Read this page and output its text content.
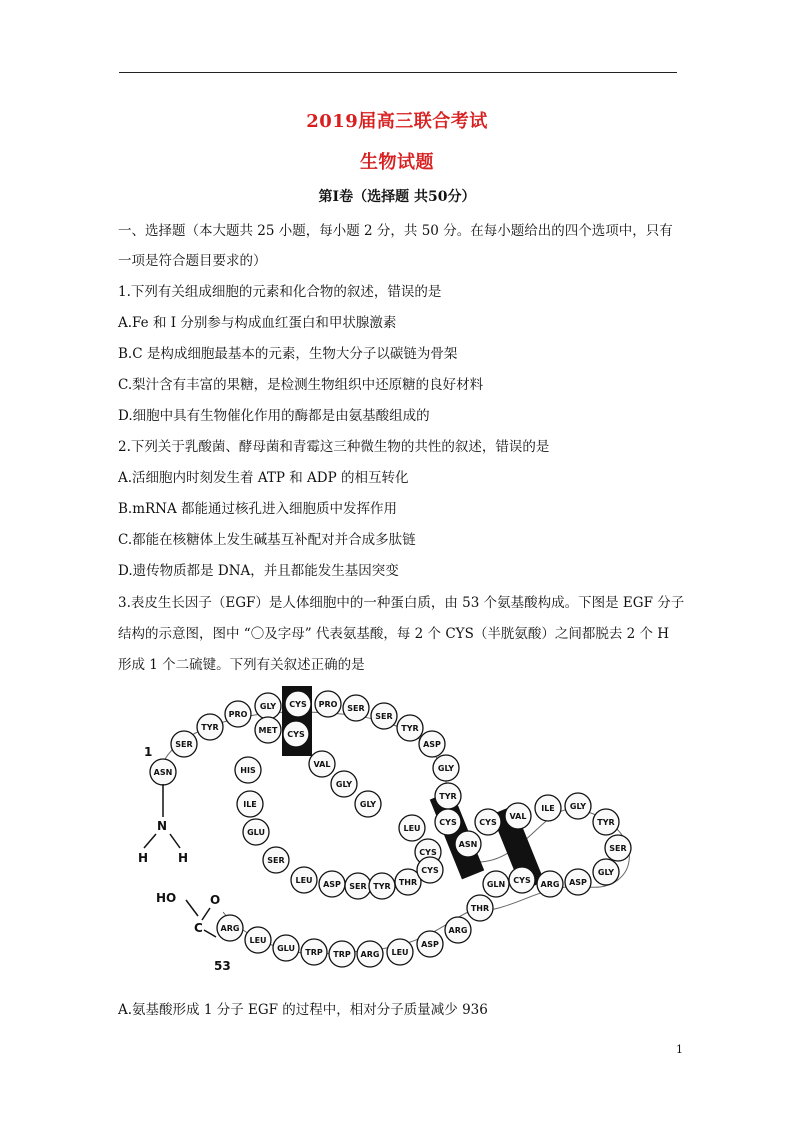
2019届高三联合考试
生物试题
第Ⅰ卷（选择题 共50分）
一、选择题（本大题共 25 小题，每小题 2 分，共 50 分。在每小题给出的四个选项中，只有
一项是符合题目要求的）
1.下列有关组成细胞的元素和化合物的叙述，错误的是
A.Fe 和 I 分别参与构成血红蛋白和甲状腺激素
B.C 是构成细胞最基本的元素，生物大分子以碳链为骨架
C.梨汁含有丰富的果糖，是检测生物组织中还原糖的良好材料
D.细胞中具有生物催化作用的酶都是由氨基酸组成的
2.下列关于乳酸菌、酵母菌和青霉这三种微生物的共性的叙述，错误的是
A.活细胞内时刻发生着 ATP 和 ADP 的相互转化
B.mRNA 都能通过核孔进入细胞质中发挥作用
C.都能在核糖体上发生碱基互补配对并合成多肽链
D.遗传物质都是 DNA，并且都能发生基因突变
3.表皮生长因子（EGF）是人体细胞中的一种蛋白质，由 53 个氨基酸构成。下图是 EGF 分子
结构的示意图，图中 “〇及字母” 代表氨基酸，每 2 个 CYS（半胱氨酸）之间都脱去 2 个 H
形成 1 个二硫键。下列有关叙述正确的是
ASN
SER
TYR
PRO
GLY CYS PRO SER
SER
TYR
ASP
GLY
TYR
CYS
ASN
CYS
VAL
ILE GLY
TYR
SER
GLY
ASP
ARG
CYS
GLN
THR
ARG
ASP
LEU
ARG
TRP
TRP
GLU
LEU
ARG
MET CYS
HIS
VAL
GLY
ILE	GLY
GLU	LEU
SER
CYS
LEU ASP SER TYR THR
CYS
1
N
H H
HO	O
C
53
A.氨基酸形成 1 分子 EGF 的过程中，相对分子质量减少 936
1
